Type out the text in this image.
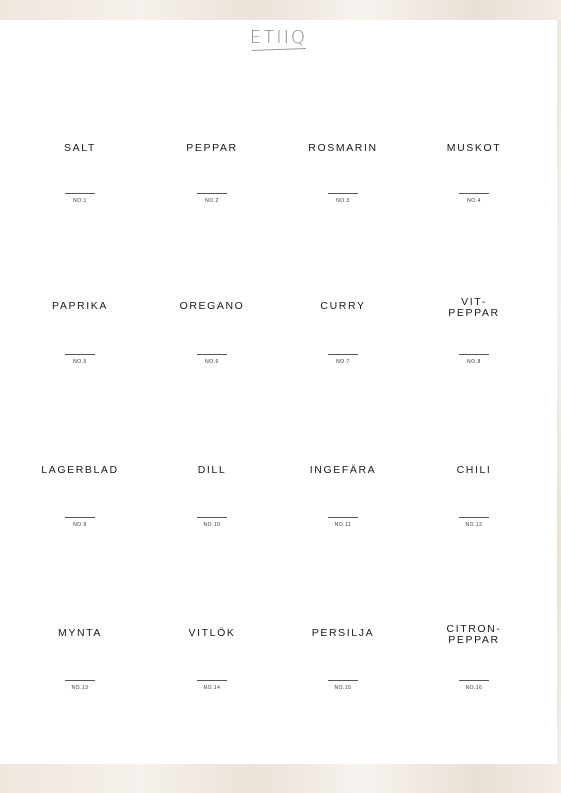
ETIIQ
SALT
NO.1
PEPPAR
NO.2
ROSMARIN
NO.3
MUSKOT
NO.4
PAPRIKA
NO.5
OREGANO
NO.6
CURRY
NO.7
VIT-
PEPPAR
NO.8
LAGERBLAD
NO.9
DILL
NO.10
INGEFÄRA
NO.11
CHILI
NO.12
MYNTA
NO.13
VITLÖK
NO.14
PERSILJA
NO.15
CITRON-
PEPPAR
NO.16
